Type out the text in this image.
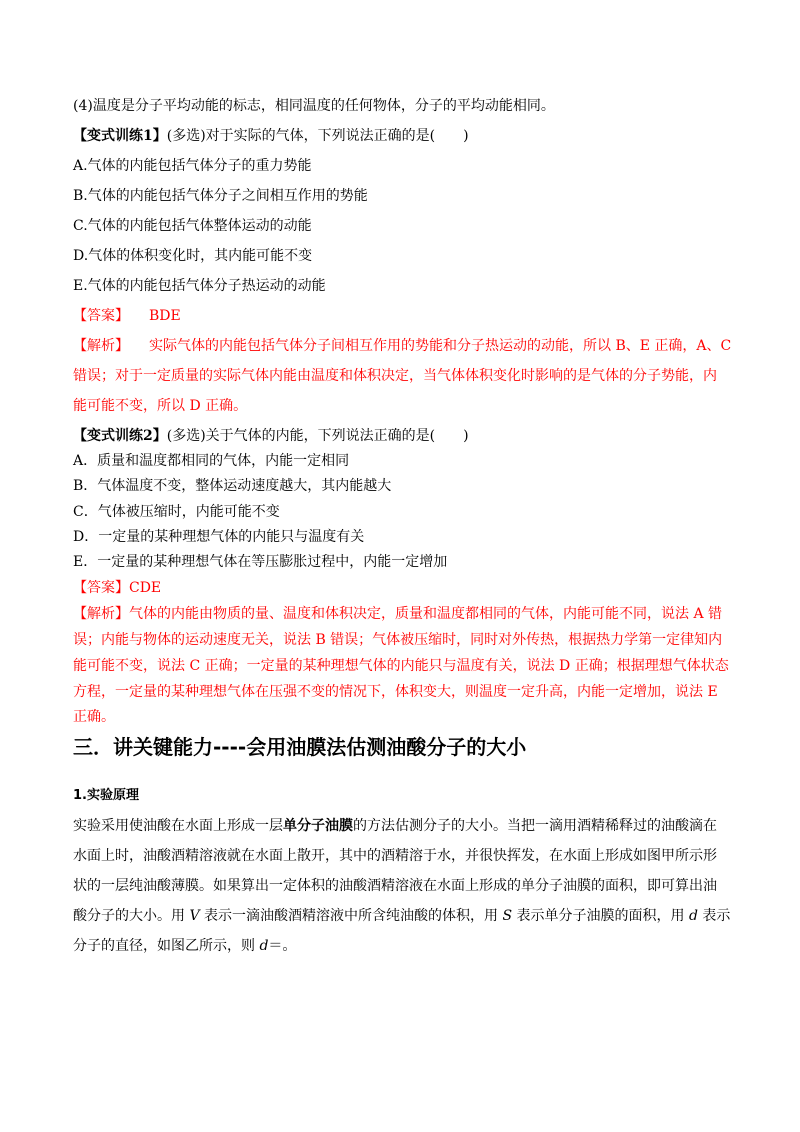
(4)温度是分子平均动能的标志，相同温度的任何物体，分子的平均动能相同。
【变式训练1】(多选)对于实际的气体，下列说法正确的是(　　)
A.气体的内能包括气体分子的重力势能
B.气体的内能包括气体分子之间相互作用的势能
C.气体的内能包括气体整体运动的动能
D.气体的体积变化时，其内能可能不变
E.气体的内能包括气体分子热运动的动能
【答案】 BDE
【解析】 实际气体的内能包括气体分子间相互作用的势能和分子热运动的动能，所以 B、E 正确，A、C
错误；对于一定质量的实际气体内能由温度和体积决定，当气体体积变化时影响的是气体的分子势能，内
能可能不变，所以 D 正确。
【变式训练2】(多选)关于气体的内能，下列说法正确的是(　　)
A．质量和温度都相同的气体，内能一定相同
B．气体温度不变，整体运动速度越大，其内能越大
C．气体被压缩时，内能可能不变
D．一定量的某种理想气体的内能只与温度有关
E．一定量的某种理想气体在等压膨胀过程中，内能一定增加
【答案】CDE
【解析】气体的内能由物质的量、温度和体积决定，质量和温度都相同的气体，内能可能不同，说法 A 错
误；内能与物体的运动速度无关，说法 B 错误；气体被压缩时，同时对外传热，根据热力学第一定律知内
能可能不变，说法 C 正确；一定量的某种理想气体的内能只与温度有关，说法 D 正确；根据理想气体状态
方程，一定量的某种理想气体在压强不变的情况下，体积变大，则温度一定升高，内能一定增加，说法 E
正确。
三．讲关键能力----会用油膜法估测油酸分子的大小
1.实验原理
实验采用使油酸在水面上形成一层单分子油膜的方法估测分子的大小。当把一滴用酒精稀释过的油酸滴在
水面上时，油酸酒精溶液就在水面上散开，其中的酒精溶于水，并很快挥发，在水面上形成如图甲所示形
状的一层纯油酸薄膜。如果算出一定体积的油酸酒精溶液在水面上形成的单分子油膜的面积，即可算出油
酸分子的大小。用 V 表示一滴油酸酒精溶液中所含纯油酸的体积，用 S 表示单分子油膜的面积，用 d 表示
分子的直径，如图乙所示，则 d＝。
